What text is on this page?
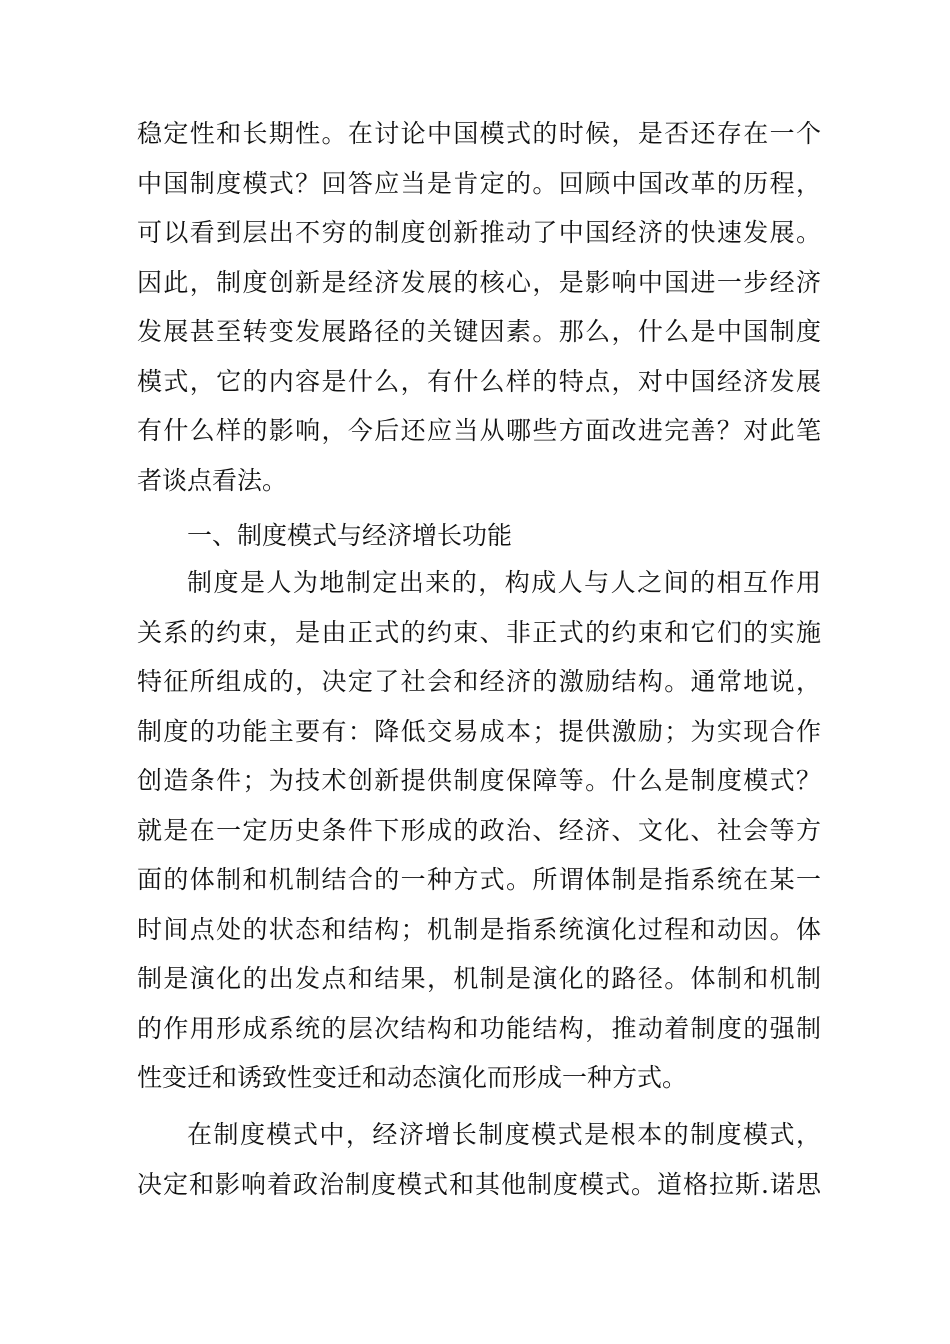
稳定性和长期性。在讨论中国模式的时候，是否还存在一个
中国制度模式？回答应当是肯定的。回顾中国改革的历程，
可以看到层出不穷的制度创新推动了中国经济的快速发展。
因此，制度创新是经济发展的核心，是影响中国进一步经济
发展甚至转变发展路径的关键因素。那么，什么是中国制度
模式，它的内容是什么，有什么样的特点，对中国经济发展
有什么样的影响，今后还应当从哪些方面改进完善？对此笔
者谈点看法。
一、制度模式与经济增长功能
制度是人为地制定出来的，构成人与人之间的相互作用
关系的约束，是由正式的约束、非正式的约束和它们的实施
特征所组成的，决定了社会和经济的激励结构。通常地说，
制度的功能主要有：降低交易成本；提供激励；为实现合作
创造条件；为技术创新提供制度保障等。什么是制度模式？
就是在一定历史条件下形成的政治、经济、文化、社会等方
面的体制和机制结合的一种方式。所谓体制是指系统在某一
时间点处的状态和结构；机制是指系统演化过程和动因。体
制是演化的出发点和结果，机制是演化的路径。体制和机制
的作用形成系统的层次结构和功能结构，推动着制度的强制
性变迁和诱致性变迁和动态演化而形成一种方式。
在制度模式中，经济增长制度模式是根本的制度模式，
决定和影响着政治制度模式和其他制度模式。道格拉斯.诺思
